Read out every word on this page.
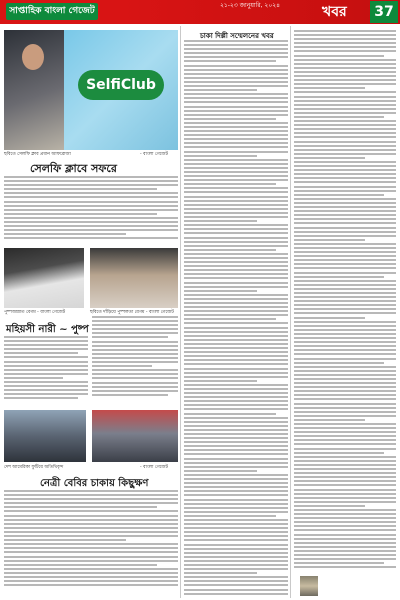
সাপ্তাহিক বাংলা গেজেট
২১-২৩ জানুয়ারি, ২০২৪	খবর	37
SelfiClub
ছবিতে সেলফি ক্লাব প্রধান আফরোজা	- বাংলা গেজেট
সেলফি ক্লাবে সফরে
পুষ্পজান্নাত বেগম - বাংলা গেজেট	ছবিতে দাঁড়িয়ে পুষ্পলতা বেগম - বাংলা গেজেট
মহিয়সী নারী ~ পুষ্প
দেশ আমেরিকা ফুটিয়ে অতিথিবৃন্দ	- বাংলা গেজেট
নেত্রী বেবির চাকায় কিছুক্ষণ
চাকা দিল্লী সম্মেলনের খবর
